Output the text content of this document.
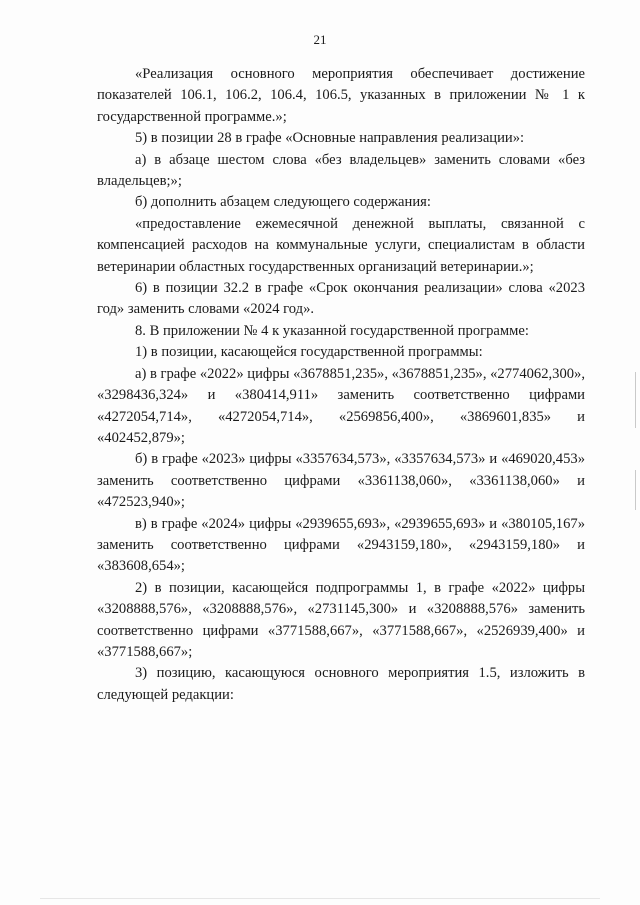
21

«Реализация основного мероприятия обеспечивает достижение показателей 106.1, 106.2, 106.4, 106.5, указанных в приложении № 1 к государственной программе.»;

5) в позиции 28 в графе «Основные направления реализации»:

а) в абзаце шестом слова «без владельцев» заменить словами «без владельцев;»;

б) дополнить абзацем следующего содержания:

«предоставление ежемесячной денежной выплаты, связанной с компенсацией расходов на коммунальные услуги, специалистам в области ветеринарии областных государственных организаций ветеринарии.»;

6) в позиции 32.2 в графе «Срок окончания реализации» слова «2023 год» заменить словами «2024 год».

8. В приложении № 4 к указанной государственной программе:

1) в позиции, касающейся государственной программы:

а) в графе «2022» цифры «3678851,235», «3678851,235», «2774062,300», «3298436,324» и «380414,911» заменить соответственно цифрами «4272054,714», «4272054,714», «2569856,400», «3869601,835» и «402452,879»;

б) в графе «2023» цифры «3357634,573», «3357634,573» и «469020,453» заменить соответственно цифрами «3361138,060», «3361138,060» и «472523,940»;

в) в графе «2024» цифры «2939655,693», «2939655,693» и «380105,167» заменить соответственно цифрами «2943159,180», «2943159,180» и «383608,654»;

2) в позиции, касающейся подпрограммы 1, в графе «2022» цифры «3208888,576», «3208888,576», «2731145,300» и «3208888,576» заменить соответственно цифрами «3771588,667», «3771588,667», «2526939,400» и «3771588,667»;

3) позицию, касающуюся основного мероприятия 1.5, изложить в следующей редакции:
